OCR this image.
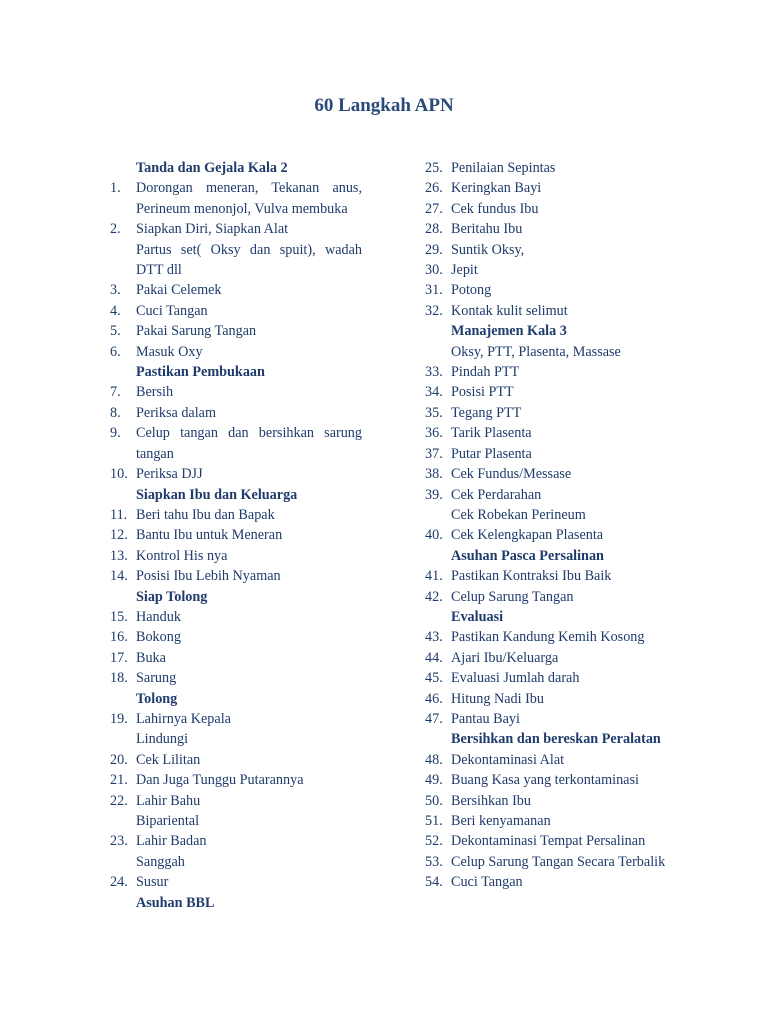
60 Langkah APN
Tanda dan Gejala Kala 2
1.	Dorongan meneran, Tekanan anus, Perineum menonjol, Vulva membuka
2.	Siapkan Diri, Siapkan Alat
Partus set( Oksy dan spuit), wadah DTT dll
3.	Pakai Celemek
4.	Cuci Tangan
5.	Pakai Sarung Tangan
6.	Masuk Oxy
Pastikan Pembukaan
7.	Bersih
8.	Periksa dalam
9.	Celup tangan dan bersihkan sarung tangan
10. Periksa DJJ
Siapkan Ibu dan Keluarga
11. Beri tahu Ibu dan Bapak
12. Bantu Ibu untuk Meneran
13. Kontrol His nya
14. Posisi Ibu Lebih Nyaman
Siap Tolong
15. Handuk
16. Bokong
17. Buka
18. Sarung
Tolong
19. Lahirnya Kepala
Lindungi
20. Cek Lilitan
21. Dan Juga Tunggu Putarannya
22. Lahir Bahu
Bipariental
23. Lahir Badan
Sanggah
24. Susur
Asuhan BBL
25. Penilaian Sepintas
26. Keringkan Bayi
27. Cek fundus Ibu
28. Beritahu Ibu
29. Suntik Oksy,
30. Jepit
31. Potong
32. Kontak kulit selimut
Manajemen Kala 3
Oksy, PTT, Plasenta, Massase
33. Pindah PTT
34. Posisi PTT
35. Tegang PTT
36. Tarik Plasenta
37. Putar Plasenta
38. Cek Fundus/Messase
39. Cek Perdarahan
Cek Robekan Perineum
40. Cek Kelengkapan Plasenta
Asuhan Pasca Persalinan
41. Pastikan Kontraksi Ibu Baik
42. Celup Sarung Tangan
Evaluasi
43. Pastikan Kandung Kemih Kosong
44. Ajari Ibu/Keluarga
45. Evaluasi Jumlah darah
46. Hitung Nadi Ibu
47. Pantau Bayi
Bersihkan dan bereskan Peralatan
48. Dekontaminasi Alat
49. Buang Kasa yang terkontaminasi
50. Bersihkan Ibu
51. Beri kenyamanan
52. Dekontaminasi Tempat Persalinan
53. Celup Sarung Tangan Secara Terbalik
54. Cuci Tangan
